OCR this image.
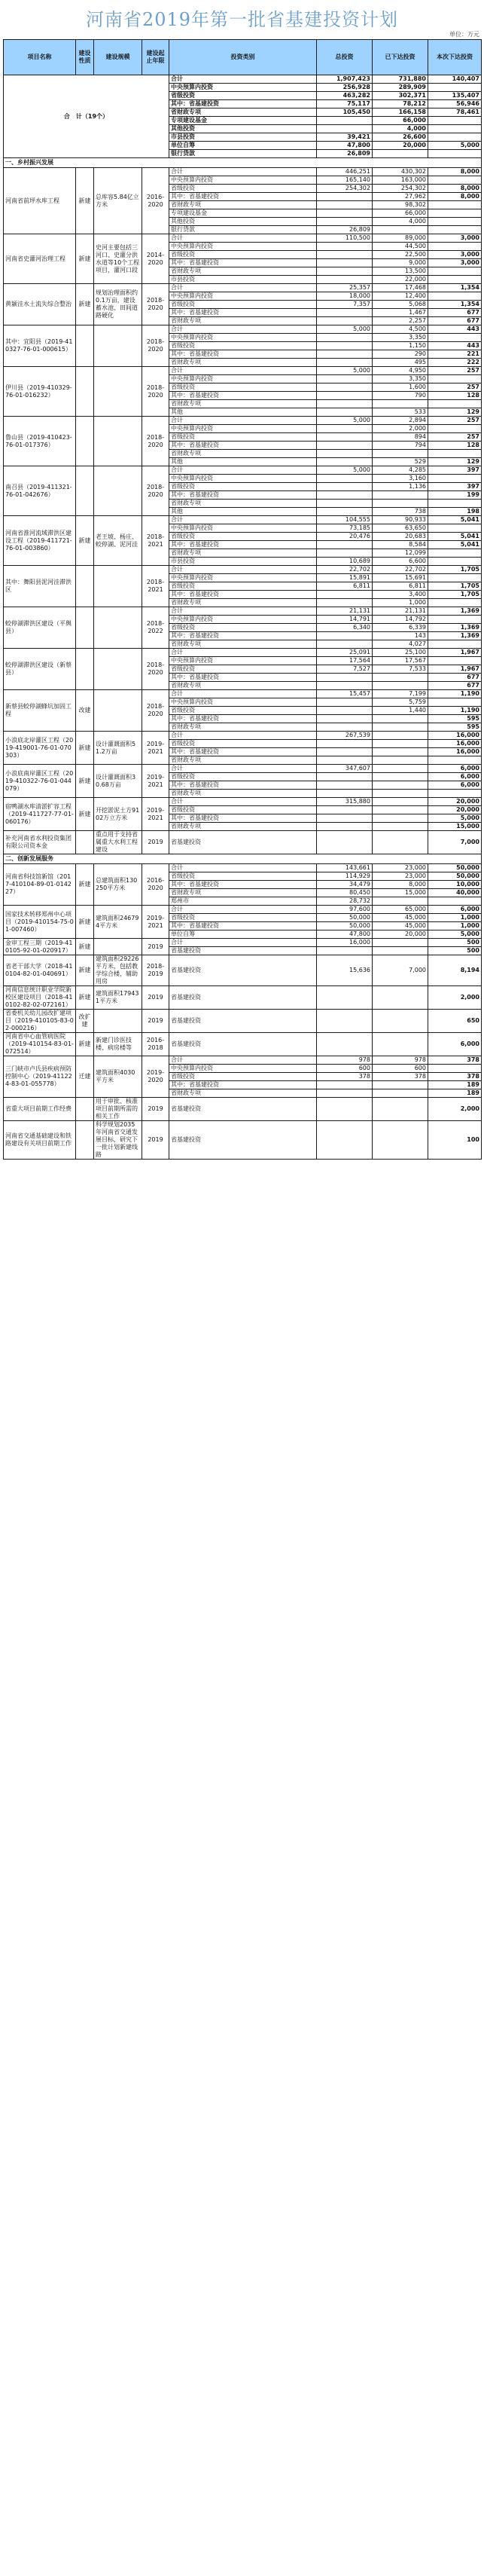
河南省2019年第一批省基建投资计划
单位：万元
项目名称	建设性质	建设规模	建设起止年限	投资类别	总投资	已下达投资	本次下达投资
合　计（19个）				合计	1,907,423	731,880	140,407
				中央预算内投资	256,928	289,909	
				省级投资	463,282	302,371	135,407
				其中：省基建投资	75,117	78,212	56,946
				省财政专项	105,450	166,158	78,461
				专项建设基金		66,000	
				其他投资		4,000	
				市县投资	39,421	26,600	
				单位自筹	47,800	20,000	5,000
				银行贷款	26,809		
一、乡村振兴发展							
河南省前坪水库工程	新建	总库容5.84亿立方米	2016-2020	合计	446,251	430,302	8,000
				中央预算内投资	165,140	163,000	
				省级投资	254,302	254,302	8,000
				其中：省基建投资		27,962	8,000
				省财政专项		98,302	
				专项建设基金		66,000	
				其他投资		4,000	
				银行贷款	26,809		
河南省史灌河治理工程	新建	史河主要包括三河口、史灌分洪水道等10个工程项目，灌河口段	2014-2020	合计	110,500	89,000	3,000
				中央预算内投资		44,500	
				省级投资		22,500	3,000
				其中：省基建投资		9,000	3,000
				省财政专项		13,500	
				市县投资		22,000	
黄颍洼水土流失综合整治	新建	规划治理面积约0.1万亩，建设蓄水池、田间道路硬化	2018-2020	合计	25,357	17,468	1,354
				中央预算内投资	18,000	12,400	
				省级投资	7,357	5,068	1,354
				其中：省基建投资		1,467	677
				省财政专项		2,257	677
其中：宜阳县（2019-410327-76-01-000615）			2018-2020	合计	5,000	4,500	443
				中央预算内投资		3,350	
				省级投资		1,150	443
				其中：省基建投资		290	221
				省财政专项		495	222
伊川县（2019-410329-76-01-016232）			2018-2020	合计	5,000	4,950	257
				中央预算内投资		3,350	
				省级投资		1,600	257
				其中：省基建投资		790	128
				省财政专项			
				其他		533	129
鲁山县（2019-410423-76-01-017376）			2018-2020	合计	5,000	2,894	257
				中央预算内投资		2,000	
				省级投资		894	257
				其中：省基建投资		794	128
				省财政专项			
				其他		529	129
南召县（2019-411321-76-01-042676）			2018-2020	合计	5,000	4,285	397
				中央预算内投资		3,160	
				省级投资		1,136	397
				其中：省基建投资			199
				省财政专项			
				其他		738	198
河南省淮河流域滞洪区建设工程（2019-411721-76-01-003860）	新建	老王坡、杨庄、蛟停湖、泥河洼	2018-2021	合计	104,555	90,933	5,041
				中央预算内投资	73,185	63,650	
				省级投资	20,476	20,683	5,041
				其中：省基建投资		8,584	5,041
				省财政专项		12,099	
				市县投资	10,689	6,600	
其中：舞阳县泥河洼滞洪区			2018-2021	合计	22,702	22,702	1,705
				中央预算内投资	15,891	15,691	
				省级投资	6,811	6,811	1,705
				其中：省基建投资		3,400	1,705
				省财政专项		1,000	
蛟停湖滞洪区建设（平舆县）			2018-2022	合计	21,131	21,131	1,369
				中央预算内投资	14,791	14,792	
				省级投资	6,340	6,339	1,369
				其中：省基建投资		143	1,369
				省财政专项		4,027	
蛟停湖滞洪区建设（新蔡县）			2018-2020	合计	25,091	25,100	1,967
				中央预算内投资	17,564	17,567	
				省级投资	7,527	7,533	1,967
				其中：省基建投资			677
				省财政专项			677
新蔡县蛟停湖蜂坑加固工程	改建		2018-2020	合计	15,457	7,199	1,190
				中央预算内投资		5,759	
				省级投资		1,440	1,190
				其中：省基建投资			595
				省财政专项			595
小浪底北岸灌区工程（2019-419001-76-01-070303）	新建	设计灌溉面积51.2万亩	2019-2021	合计	267,539		16,000
				省级投资			16,000
				其中：省基建投资			16,000
				省财政专项			
小浪底南岸灌区工程（2019-410322-76-01-044079）	新建	设计灌溉面积30.68万亩	2019-2021	合计	347,607		6,000
				省级投资			6,000
				其中：省基建投资			6,000
				省财政专项			
宿鸭湖水库清淤扩容工程（2019-411727-77-01-060176）	新建	开挖淤泥土方9102万立方米	2019-2021	合计	315,880		20,000
				省级投资			20,000
				其中：省基建投资			5,000
				省财政专项			15,000
补充河南省水利投资集团有限公司资本金		重点用于支持省属重大水利工程建设	2019	省基建投资			7,000
二、创新发展服务							
河南省科技馆新馆（2017-410104-89-01-014227）	新建	总建筑面积130250平方米	2016-2020	合计	143,661	23,000	50,000
				省级投资	114,929	23,000	50,000
				其中：省基建投资	34,479	8,000	10,000
				省财政专项	80,450	15,000	40,000
				郑州市	28,732		
国家技术转移郑州中心项目（2019-410154-75-01-007460）	新建	建筑面积246794平方米	2019-2021	合计	97,600	65,000	6,000
				省级投资	50,000	45,000	1,000
				其中：省基建投资	50,000	45,000	1,000
				单位自筹	47,800	20,000	5,000
金审工程三期（2019-410105-92-01-020917）	新建		2019	合计	16,000		500
				省基建投资			500
省老干部大学（2018-410104-82-01-040691）	新建	建筑面积29226平方米，包括教学综合楼，辅助用房	2018-2019	省基建投资	15,636	7,000	8,194
河南信息统计职业学院新校区建设项目（2018-410102-82-02-072161）	新建	建筑面积179431平方米	2019	省基建投资			2,000
省委机关幼儿园改扩建项目（2019-410105-83-02-000216）	改扩建		2019	省基建投资			650
河南省中心血管病医院（2019-410154-83-01-072514）	新建	新建门诊医技楼、病房楼等	2016-2018	省基建投资			6,000
三门峡市卢氏县疾病预防控制中心（2019-411224-83-01-055778）	迁建	建筑面积4030平方米	2019-2020	合计	978	978	378
				中央预算内投资	600	600	
				省级投资	378	378	378
				其中：省基建投资			189
				省财政专项			189
省重大项目前期工作经费		用于审批、核准项目前期所需的相关工作	2019	省基建投资			2,000
河南省交通基础建设和铁路建设有关项目前期工作		科学规划2035年河南省交通发展目标，研究下一批计划新建线路	2019	省基建投资			100
